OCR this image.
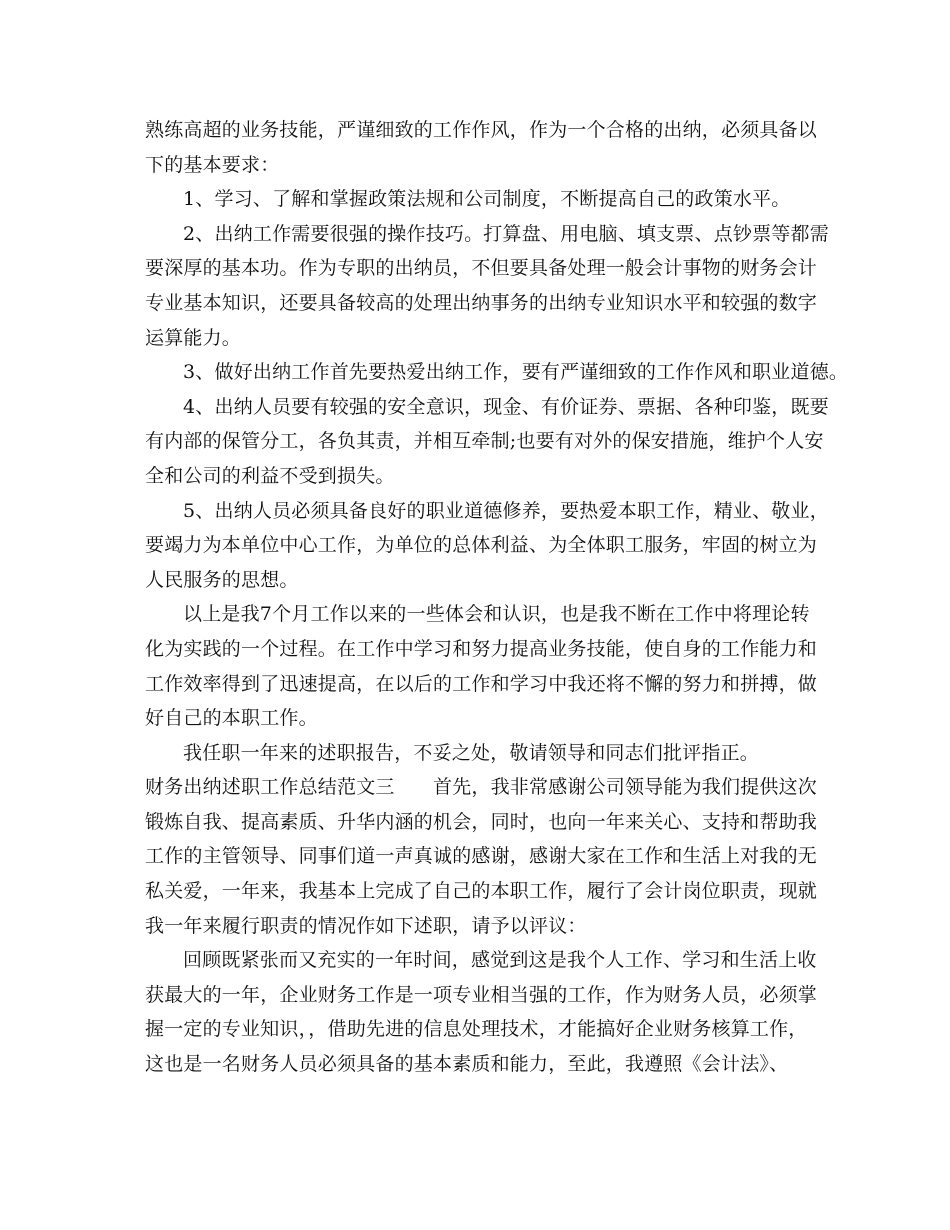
熟练高超的业务技能，严谨细致的工作作风，作为一个合格的出纳，必须具备以
下的基本要求：

1、学习、了解和掌握政策法规和公司制度，不断提高自己的政策水平。

2、出纳工作需要很强的操作技巧。打算盘、用电脑、填支票、点钞票等都需
要深厚的基本功。作为专职的出纳员，不但要具备处理一般会计事物的财务会计
专业基本知识，还要具备较高的处理出纳事务的出纳专业知识水平和较强的数字
运算能力。

3、做好出纳工作首先要热爱出纳工作，要有严谨细致的工作作风和职业道德。

4、出纳人员要有较强的安全意识，现金、有价证券、票据、各种印鉴，既要
有内部的保管分工，各负其责，并相互牵制;也要有对外的保安措施，维护个人安
全和公司的利益不受到损失。

5、出纳人员必须具备良好的职业道德修养，要热爱本职工作，精业、敬业，
要竭力为本单位中心工作，为单位的总体利益、为全体职工服务，牢固的树立为
人民服务的思想。

以上是我7个月工作以来的一些体会和认识，也是我不断在工作中将理论转
化为实践的一个过程。在工作中学习和努力提高业务技能，使自身的工作能力和
工作效率得到了迅速提高，在以后的工作和学习中我还将不懈的努力和拼搏，做
好自己的本职工作。

我任职一年来的述职报告，不妥之处，敬请领导和同志们批评指正。

财务出纳述职工作总结范文三　　首先，我非常感谢公司领导能为我们提供这次
锻炼自我、提高素质、升华内涵的机会，同时，也向一年来关心、支持和帮助我
工作的主管领导、同事们道一声真诚的感谢，感谢大家在工作和生活上对我的无
私关爱，一年来，我基本上完成了自己的本职工作，履行了会计岗位职责，现就
我一年来履行职责的情况作如下述职，请予以评议：

回顾既紧张而又充实的一年时间，感觉到这是我个人工作、学习和生活上收
获最大的一年，企业财务工作是一项专业相当强的工作，作为财务人员，必须掌
握一定的专业知识，，借助先进的信息处理技术，才能搞好企业财务核算工作，
这也是一名财务人员必须具备的基本素质和能力，至此，我遵照《会计法》、
